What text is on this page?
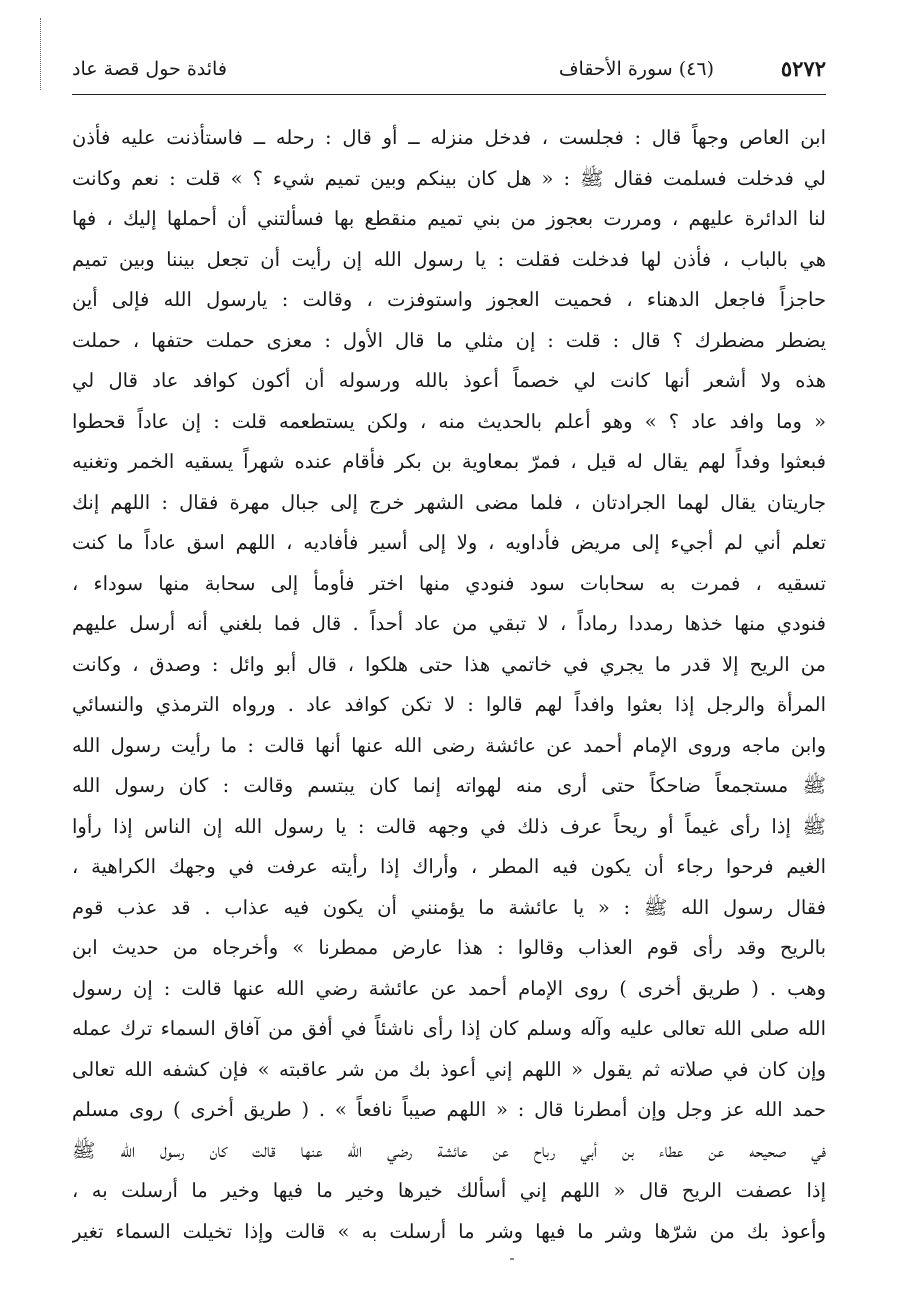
٥٢٧٢
(٤٦) سورة الأحقاف
فائدة حول قصة عاد
ابن العاص وجهاً قال : فجلست ، فدخل منزله ــ أو قال : رحله ــ فاستأذنت عليه فأذن
لي فدخلت فسلمت فقال ﷺ : « هل كان بينكم وبين تميم شيء ؟ » قلت : نعم وكانت
لنا الدائرة عليهم ، ومررت بعجوز من بني تميم منقطع بها فسألتني أن أحملها إليك ، فها
هي بالباب ، فأذن لها فدخلت فقلت : يا رسول الله إن رأيت أن تجعل بيننا وبين تميم
حاجزاً فاجعل الدهناء ، فحميت العجوز واستوفزت ، وقالت : يارسول الله فإلى أين
يضطر مضطرك ؟ قال : قلت : إن مثلي ما قال الأول : معزى حملت حتفها ، حملت
هذه ولا أشعر أنها كانت لي خصماً أعوذ بالله ورسوله أن أكون كوافد عاد قال لي
« وما وافد عاد ؟ » وهو أعلم بالحديث منه ، ولكن يستطعمه قلت : إن عاداً قحطوا
فبعثوا وفداً لهم يقال له قيل ، فمرّ بمعاوية بن بكر فأقام عنده شهراً يسقيه الخمر وتغنيه
جاريتان يقال لهما الجرادتان ، فلما مضى الشهر خرج إلى جبال مهرة فقال : اللهم إنك
تعلم أني لم أجيء إلى مريض فأداويه ، ولا إلى أسير فأفاديه ، اللهم اسق عاداً ما كنت
تسقيه ، فمرت به سحابات سود فنودي منها اختر فأومأ إلى سحابة منها سوداء ،
فنودي منها خذها رمددا رماداً ، لا تبقي من عاد أحداً . قال فما بلغني أنه أرسل عليهم
من الريح إلا قدر ما يجري في خاتمي هذا حتى هلكوا ، قال أبو وائل : وصدق ، وكانت
المرأة والرجل إذا بعثوا وافداً لهم قالوا : لا تكن كوافد عاد . ورواه الترمذي والنسائي
وابن ماجه وروى الإمام أحمد عن عائشة رضى الله عنها أنها قالت : ما رأيت رسول الله
ﷺ مستجمعاً ضاحكاً حتى أرى منه لهواته إنما كان يبتسم وقالت : كان رسول الله
ﷺ إذا رأى غيماً أو ريحاً عرف ذلك في وجهه قالت : يا رسول الله إن الناس إذا رأوا
الغيم فرحوا رجاء أن يكون فيه المطر ، وأراك إذا رأيته عرفت في وجهك الكراهية ،
فقال رسول الله ﷺ : « يا عائشة ما يؤمنني أن يكون فيه عذاب . قد عذب قوم
بالريح وقد رأى قوم العذاب وقالوا : هذا عارض ممطرنا » وأخرجاه من حديث ابن
وهب . ( طريق أخرى ) روى الإمام أحمد عن عائشة رضي الله عنها قالت : إن رسول
الله صلى الله تعالى عليه وآله وسلم كان إذا رأى ناشئاً في أفق من آفاق السماء ترك عمله
وإن كان في صلاته ثم يقول « اللهم إني أعوذ بك من شر عاقبته » فإن كشفه الله تعالى
حمد الله عز وجل وإن أمطرنا قال : « اللهم صيباً نافعاً » . ( طريق أخرى ) روى مسلم
في صحيحه عن عطاء بن أبي رباح عن عائشة رضي الله عنها قالت كان رسول الله ﷺ
إذا عصفت الريح قال « اللهم إني أسألك خيرها وخير ما فيها وخير ما أرسلت به ،
وأعوذ بك من شرّها وشر ما فيها وشر ما أرسلت به » قالت وإذا تخيلت السماء تغير
